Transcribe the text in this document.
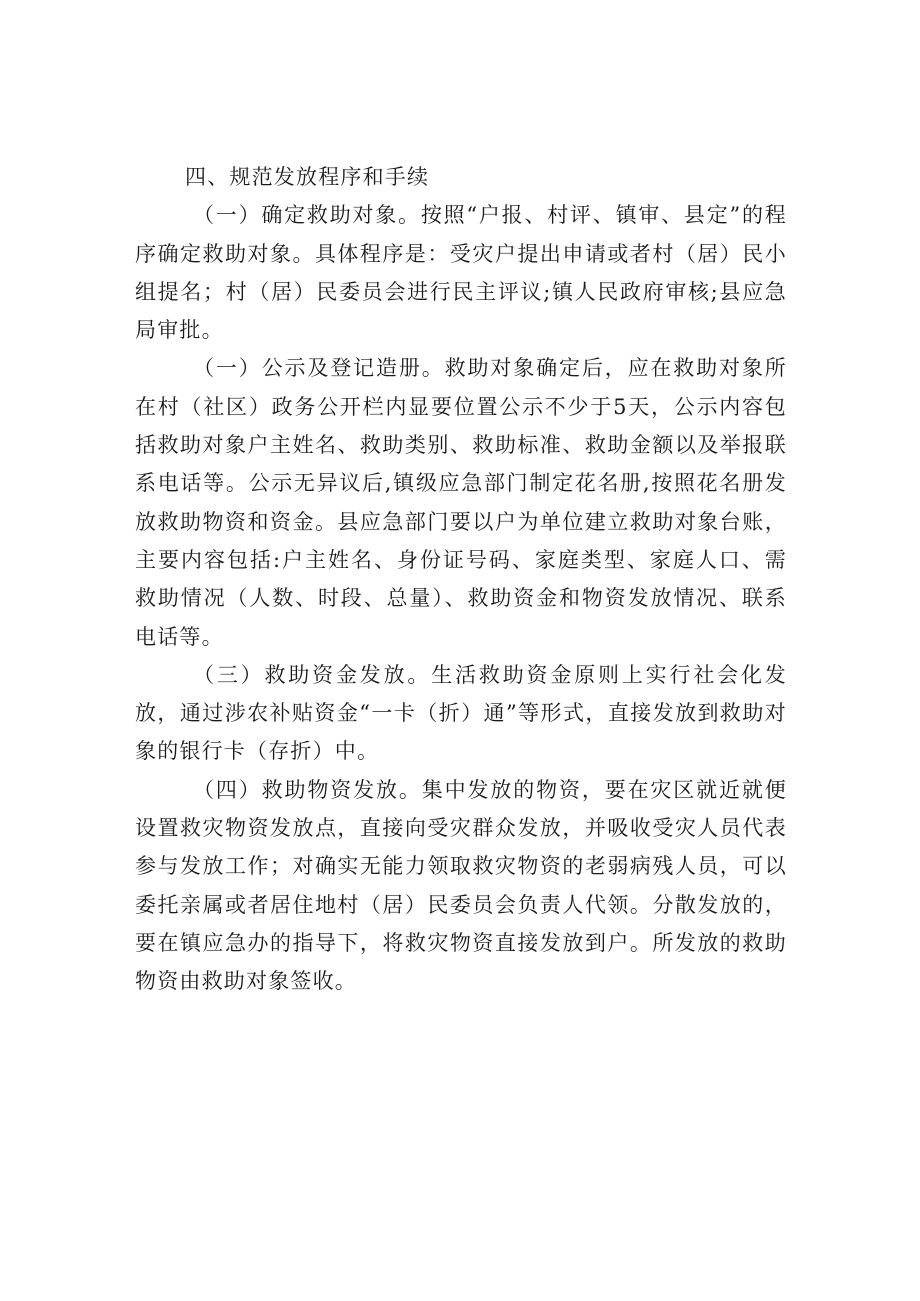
四、规范发放程序和手续

（一）确定救助对象。按照“户报、村评、镇审、县定”的程序确定救助对象。具体程序是：受灾户提出申请或者村（居）民小组提名；村（居）民委员会进行民主评议;镇人民政府审核;县应急局审批。

（一）公示及登记造册。救助对象确定后，应在救助对象所在村（社区）政务公开栏内显要位置公示不少于5天，公示内容包括救助对象户主姓名、救助类别、救助标准、救助金额以及举报联系电话等。公示无异议后,镇级应急部门制定花名册,按照花名册发放救助物资和资金。县应急部门要以户为单位建立救助对象台账，主要内容包括:户主姓名、身份证号码、家庭类型、家庭人口、需救助情况（人数、时段、总量）、救助资金和物资发放情况、联系电话等。

（三）救助资金发放。生活救助资金原则上实行社会化发放，通过涉农补贴资金“一卡（折）通”等形式，直接发放到救助对象的银行卡（存折）中。

（四）救助物资发放。集中发放的物资，要在灾区就近就便设置救灾物资发放点，直接向受灾群众发放，并吸收受灾人员代表参与发放工作；对确实无能力领取救灾物资的老弱病残人员，可以委托亲属或者居住地村（居）民委员会负责人代领。分散发放的，要在镇应急办的指导下，将救灾物资直接发放到户。所发放的救助物资由救助对象签收。
